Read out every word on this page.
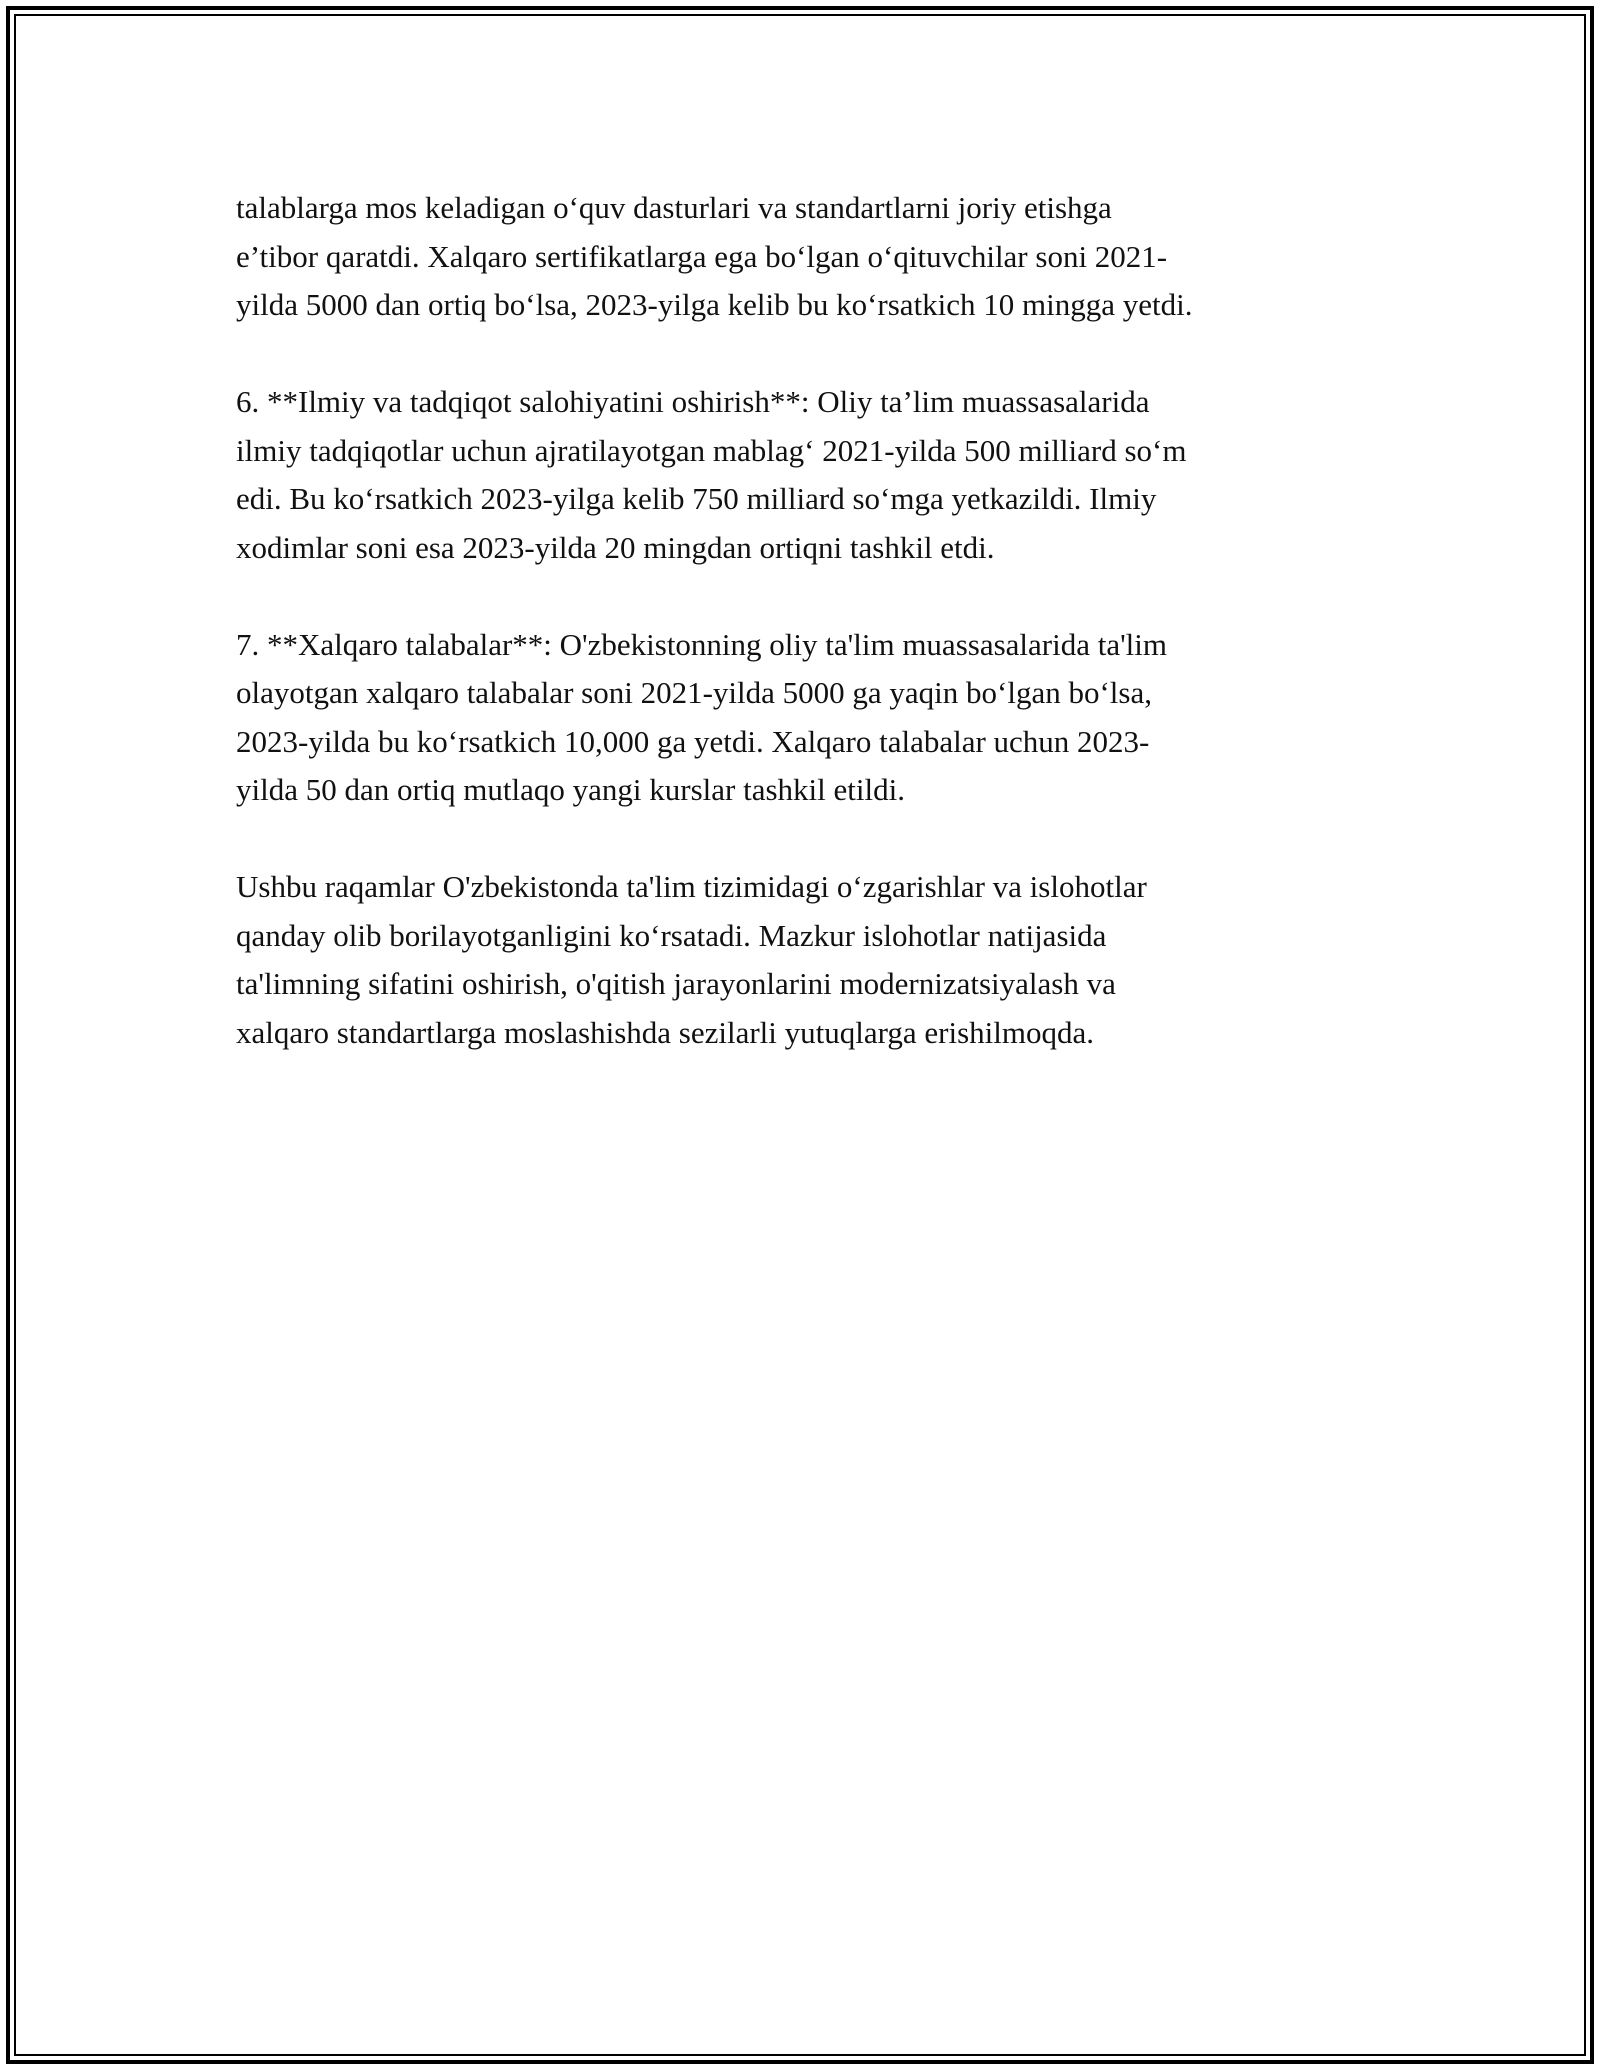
talablarga mos keladigan o‘quv dasturlari va standartlarni joriy etishga
e’tibor qaratdi. Xalqaro sertifikatlarga ega bo‘lgan o‘qituvchilar soni 2021-
yilda 5000 dan ortiq bo‘lsa, 2023-yilga kelib bu ko‘rsatkich 10 mingga yetdi.
6. **Ilmiy va tadqiqot salohiyatini oshirish**: Oliy ta’lim muassasalarida
ilmiy tadqiqotlar uchun ajratilayotgan mablag‘ 2021-yilda 500 milliard so‘m
edi. Bu ko‘rsatkich 2023-yilga kelib 750 milliard so‘mga yetkazildi. Ilmiy
xodimlar soni esa 2023-yilda 20 mingdan ortiqni tashkil etdi.
7. **Xalqaro talabalar**: O'zbekistonning oliy ta'lim muassasalarida ta'lim
olayotgan xalqaro talabalar soni 2021-yilda 5000 ga yaqin bo‘lgan bo‘lsa,
2023-yilda bu ko‘rsatkich 10,000 ga yetdi. Xalqaro talabalar uchun 2023-
yilda 50 dan ortiq mutlaqo yangi kurslar tashkil etildi.
Ushbu raqamlar O'zbekistonda ta'lim tizimidagi o‘zgarishlar va islohotlar
qanday olib borilayotganligini ko‘rsatadi. Mazkur islohotlar natijasida
ta'limning sifatini oshirish, o'qitish jarayonlarini modernizatsiyalash va
xalqaro standartlarga moslashishda sezilarli yutuqlarga erishilmoqda.
